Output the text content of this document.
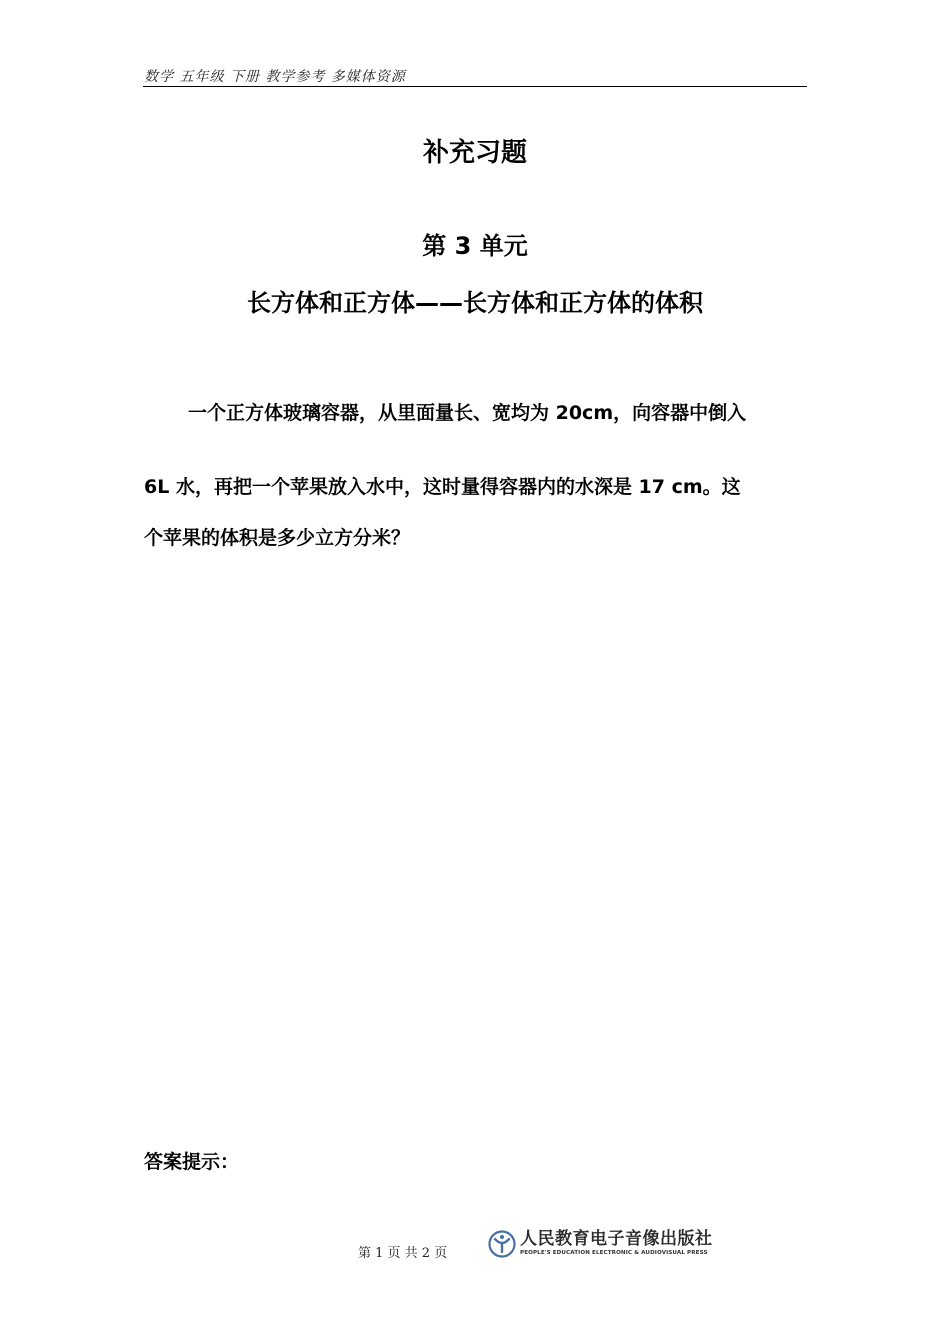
数学 五年级 下册 教学参考 多媒体资源
补充习题
第 3 单元
长方体和正方体——长方体和正方体的体积
一个正方体玻璃容器，从里面量长、宽均为 20cm，向容器中倒入
6L 水，再把一个苹果放入水中，这时量得容器内的水深是 17 cm。这
个苹果的体积是多少立方分米？
答案提示：
第 1 页 共 2 页
人民教育电子音像出版社
PEOPLE'S EDUCATION ELECTRONIC & AUDIOVISUAL PRESS
